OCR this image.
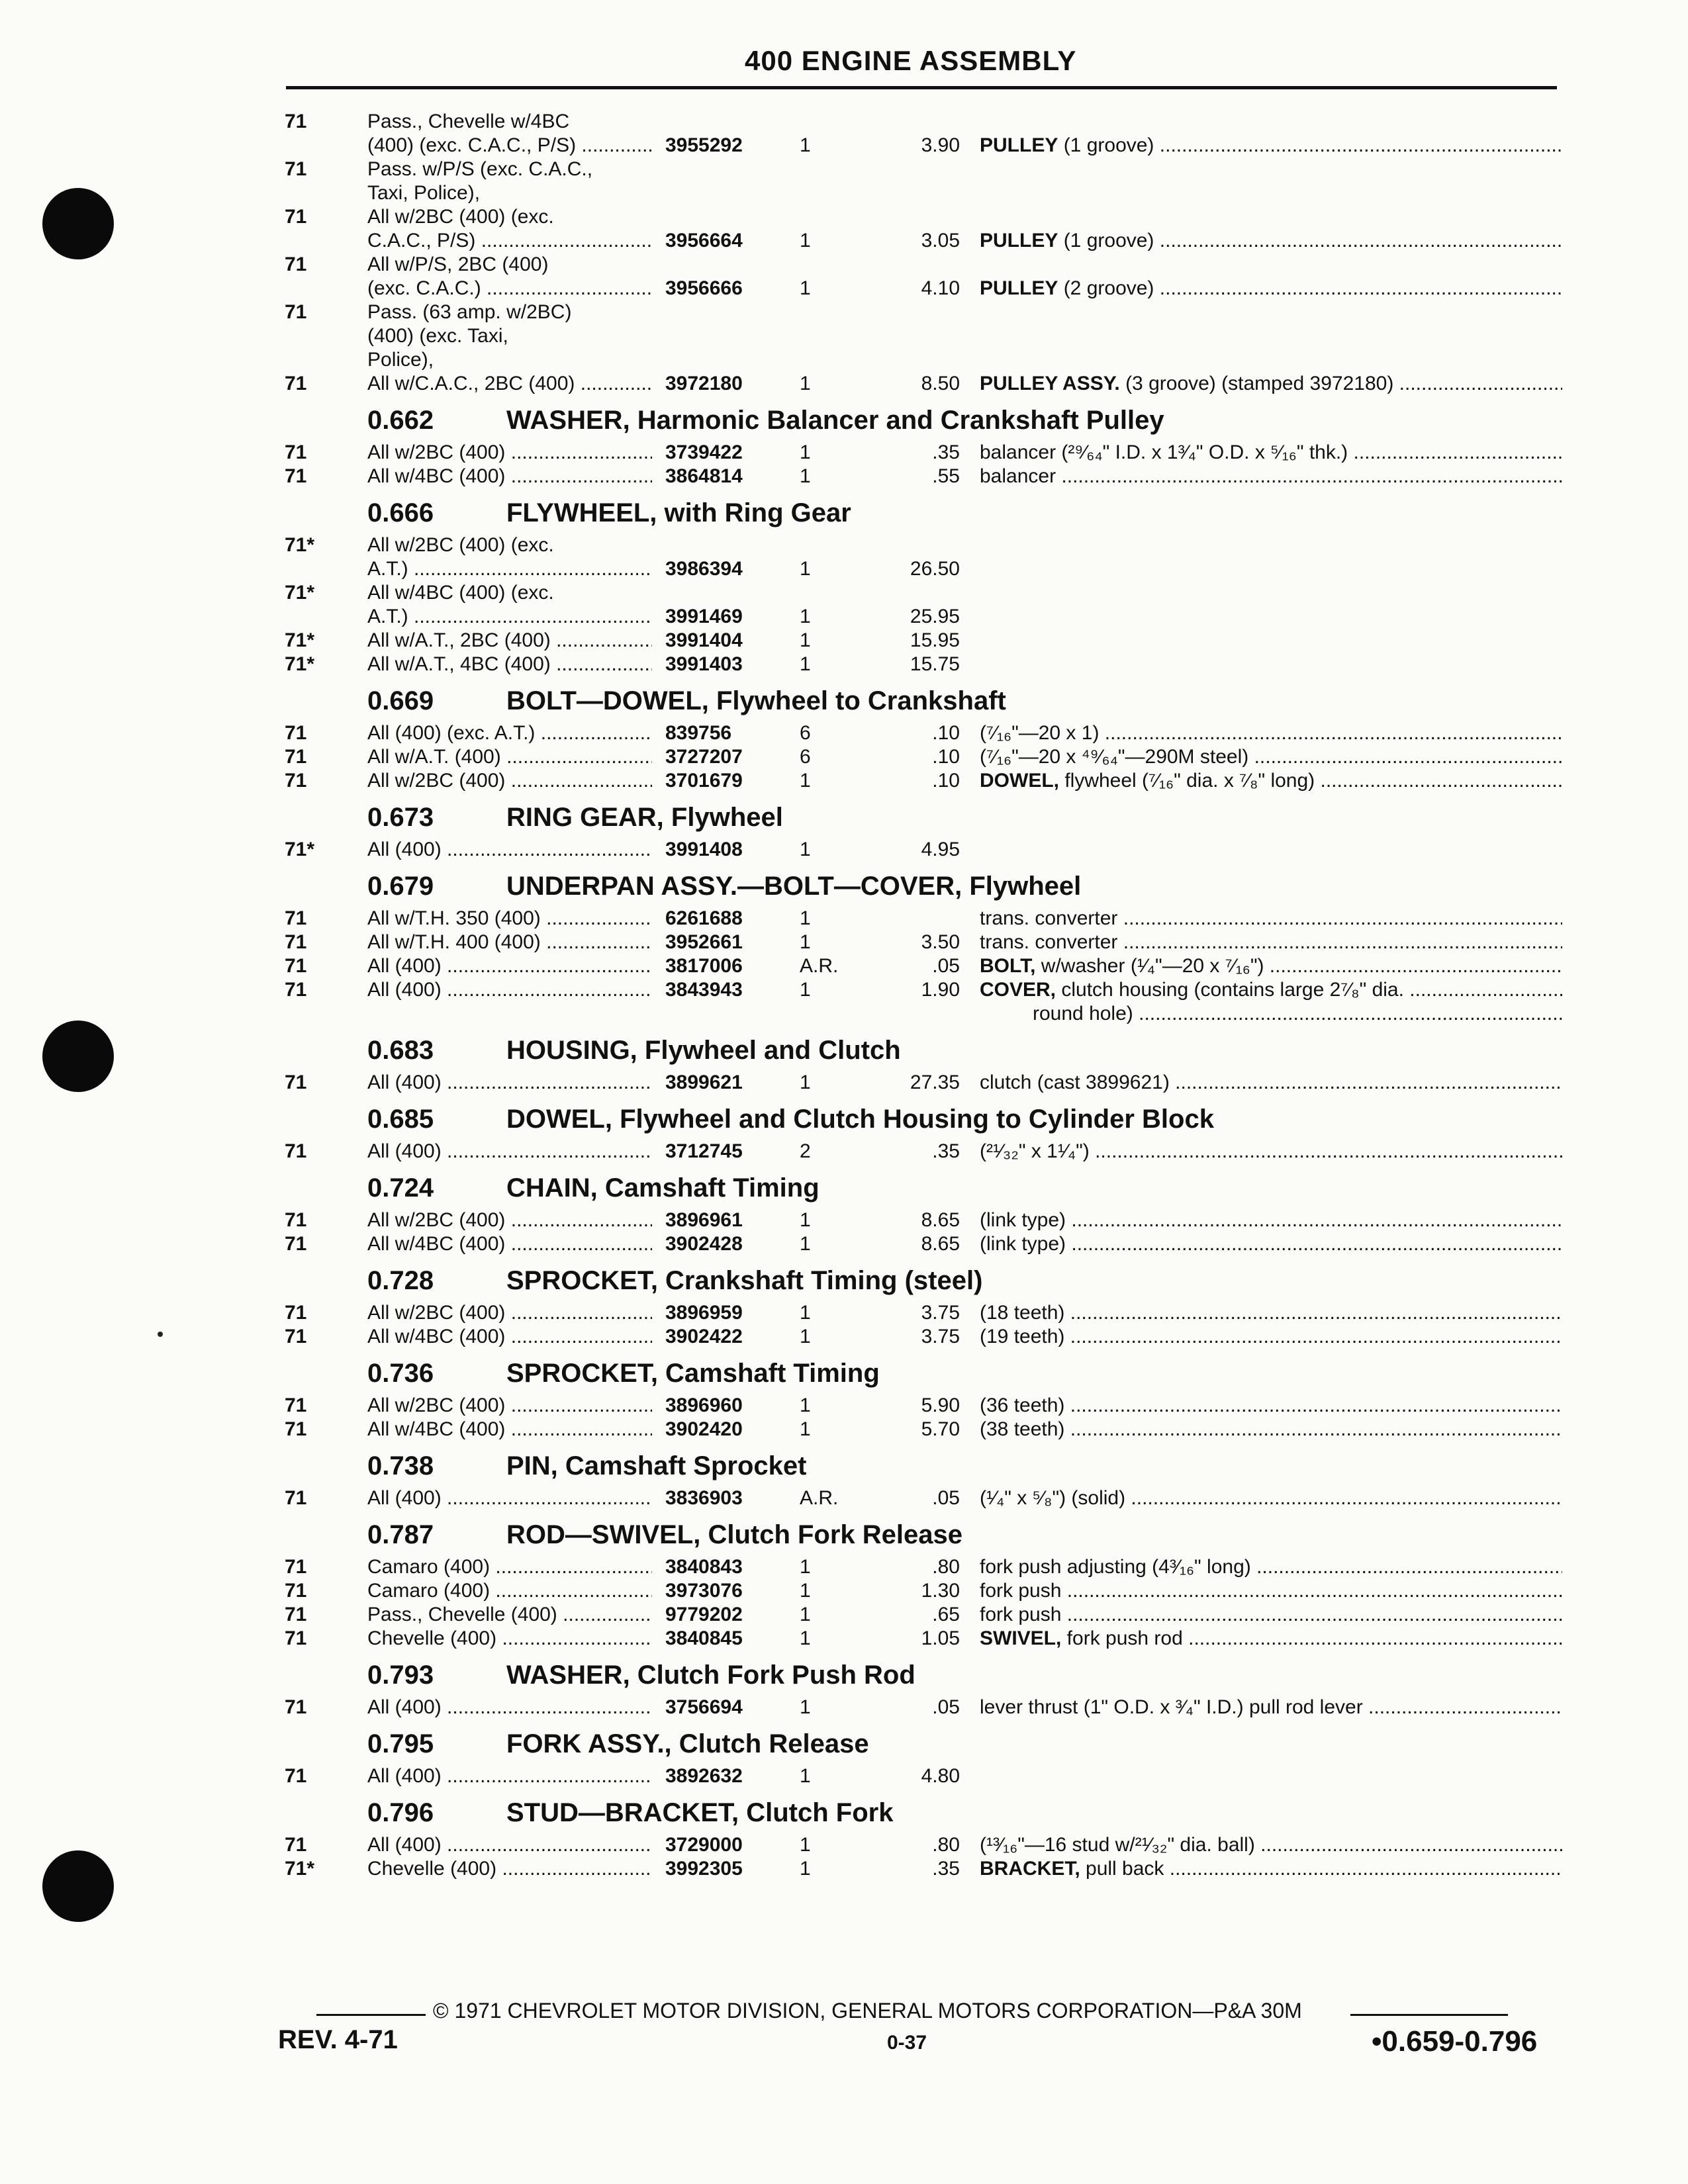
400 ENGINE ASSEMBLY
71	Pass., Chevelle w/4BC
(400) (exc. C.A.C., P/S) .....	3955292	1	3.90 PULLEY (1 groove) .....
71	Pass. w/P/S (exc. C.A.C.,
Taxi, Police),
71	All w/2BC (400) (exc.
C.A.C., P/S) .....	3956664	1	3.05 PULLEY (1 groove) .....
71	All w/P/S, 2BC (400)
(exc. C.A.C.) .....	3956666	1	4.10 PULLEY (2 groove) .....
71	Pass. (63 amp. w/2BC)
(400) (exc. Taxi,
Police),
71	All w/C.A.C., 2BC (400) .....	3972180	1	8.50 PULLEY ASSY. (3 groove) (stamped 3972180) .....
0.662	WASHER, Harmonic Balancer and Crankshaft Pulley
71	All w/2BC (400) .....	3739422	1	.35 balancer (²⁹⁄₆₄" I.D. x 1³⁄₄" O.D. x ⁵⁄₁₆" thk.) .....
71	All w/4BC (400) .....	3864814	1	.55 balancer .....
0.666	FLYWHEEL, with Ring Gear
71*	All w/2BC (400) (exc.
A.T.) .....	3986394	1	26.50
71*	All w/4BC (400) (exc.
A.T.) .....	3991469	1	25.95
71*	All w/A.T., 2BC (400) .....	3991404	1	15.95
71*	All w/A.T., 4BC (400) .....	3991403	1	15.75
0.669	BOLT—DOWEL, Flywheel to Crankshaft
71	All (400) (exc. A.T.) .....	839756	6	.10 (⁷⁄₁₆"—20 x 1) .....
71	All w/A.T. (400) .....	3727207	6	.10 (⁷⁄₁₆"—20 x ⁴⁹⁄₆₄"—290M steel) .....
71	All w/2BC (400) .....	3701679	1	.10 DOWEL, flywheel (⁷⁄₁₆" dia. x ⁷⁄₈" long) .....
0.673	RING GEAR, Flywheel
71*	All (400) .....	3991408	1	4.95
0.679	UNDERPAN ASSY.—BOLT—COVER, Flywheel
71	All w/T.H. 350 (400) .....	6261688	1	trans. converter .....
71	All w/T.H. 400 (400) .....	3952661	1	3.50 trans. converter .....
71	All (400) .....	3817006	A.R.	.05 BOLT, w/washer (¹⁄₄"—20 x ⁷⁄₁₆") .....
71	All (400) .....	3843943	1	1.90 COVER, clutch housing (contains large 2⁷⁄₈" dia. .....
round hole) .....
0.683	HOUSING, Flywheel and Clutch
71	All (400) .....	3899621	1	27.35 clutch (cast 3899621) .....
0.685	DOWEL, Flywheel and Clutch Housing to Cylinder Block
71	All (400) .....	3712745	2	.35 (²¹⁄₃₂" x 1¹⁄₄") .....
0.724	CHAIN, Camshaft Timing
71	All w/2BC (400) .....	3896961	1	8.65 (link type) .....
71	All w/4BC (400) .....	3902428	1	8.65 (link type) .....
0.728	SPROCKET, Crankshaft Timing (steel)
71	All w/2BC (400) .....	3896959	1	3.75 (18 teeth) .....
71	All w/4BC (400) .....	3902422	1	3.75 (19 teeth) .....
0.736	SPROCKET, Camshaft Timing
71	All w/2BC (400) .....	3896960	1	5.90 (36 teeth) .....
71	All w/4BC (400) .....	3902420	1	5.70 (38 teeth) .....
0.738	PIN, Camshaft Sprocket
71	All (400) .....	3836903	A.R.	.05 (¹⁄₄" x ⁵⁄₈") (solid) .....
0.787	ROD—SWIVEL, Clutch Fork Release
71	Camaro (400) .....	3840843	1	.80 fork push adjusting (4³⁄₁₆" long) .....
71	Camaro (400) .....	3973076	1	1.30 fork push .....
71	Pass., Chevelle (400) .....	9779202	1	.65 fork push .....
71	Chevelle (400) .....	3840845	1	1.05 SWIVEL, fork push rod .....
0.793	WASHER, Clutch Fork Push Rod
71	All (400) .....	3756694	1	.05 lever thrust (1" O.D. x ³⁄₄" I.D.) pull rod lever .....
0.795	FORK ASSY., Clutch Release
71	All (400) .....	3892632	1	4.80
0.796	STUD—BRACKET, Clutch Fork
71	All (400) .....	3729000	1	.80 (¹³⁄₁₆"—16 stud w/²¹⁄₃₂" dia. ball) .....
71*	Chevelle (400) .....	3992305	1	.35 BRACKET, pull back .....
© 1971 CHEVROLET MOTOR DIVISION, GENERAL MOTORS CORPORATION—P&A 30M
REV. 4-71	0-37	•0.659-0.796
